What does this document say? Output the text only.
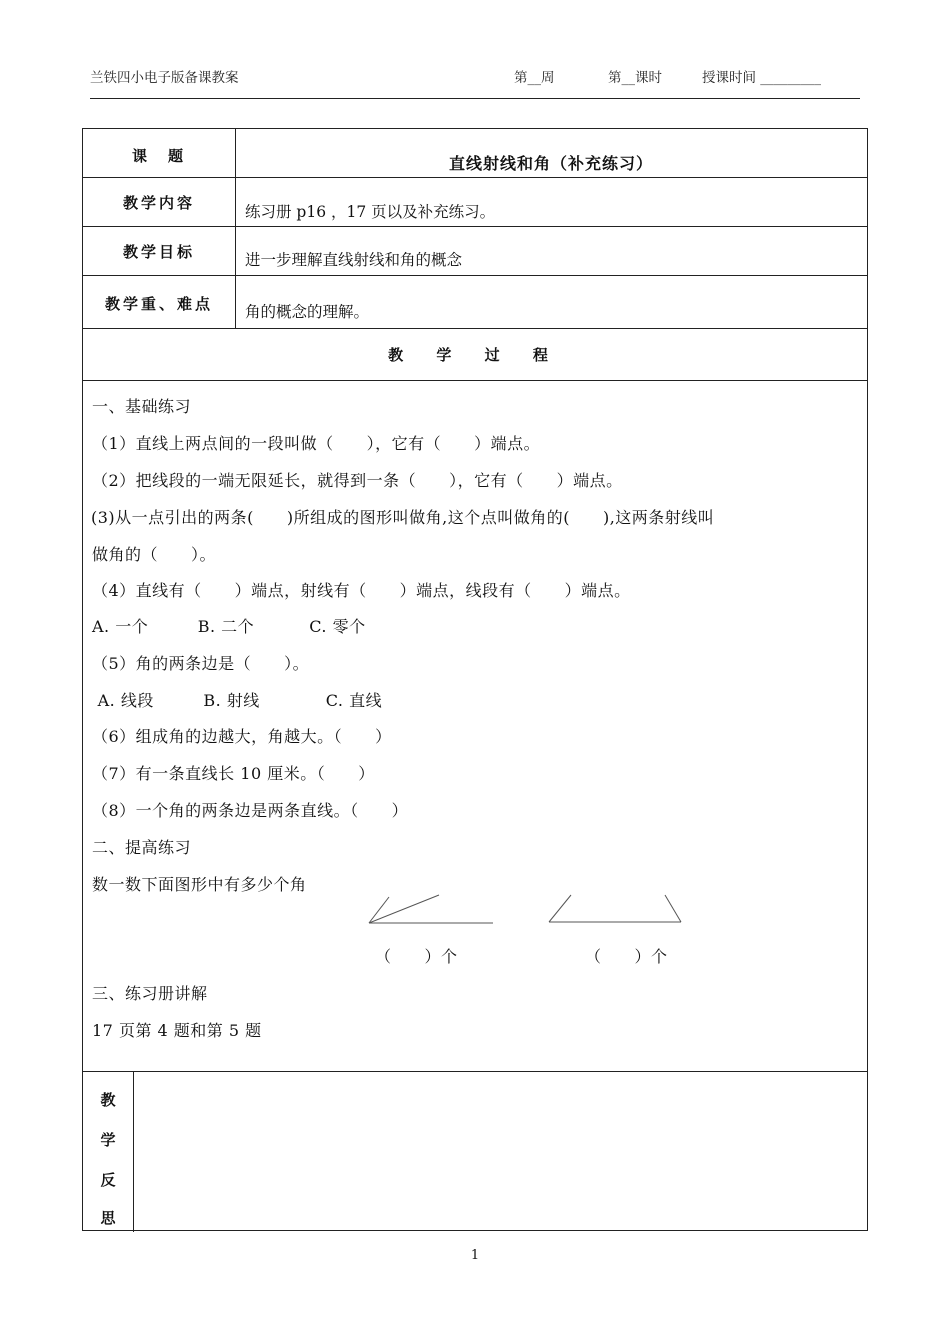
兰铁四小电子版备课教案	第__周	第__课时	授课时间 _________
课　题	直线射线和角（补充练习）
教学内容	练习册 p16 ，17 页以及补充练习。
教学目标	进一步理解直线射线和角的概念
教学重、难点	角的概念的理解。
教 学 过 程
一、基础练习
（1）直线上两点间的一段叫做（　　），它有（　　）端点。
（2）把线段的一端无限延长，就得到一条（　　），它有（　　）端点。
(3)从一点引出的两条(　　)所组成的图形叫做角,这个点叫做角的(　　),这两条射线叫
做角的（　　）。
（4）直线有（　　）端点，射线有（　　）端点，线段有（　　）端点。
A. 一个　　　B. 二个　　　 C. 零个
（5）角的两条边是（　　）。
A. 线段　　　B. 射线　　　　C. 直线
（6）组成角的边越大，角越大。（　　）
（7）有一条直线长 10 厘米。（　　）
（8）一个角的两条边是两条直线。（　　）
二、提高练习
数一数下面图形中有多少个角
（　　）个	（　　）个
三、练习册讲解
17 页第 4 题和第 5 题
教
学
反
思
1
